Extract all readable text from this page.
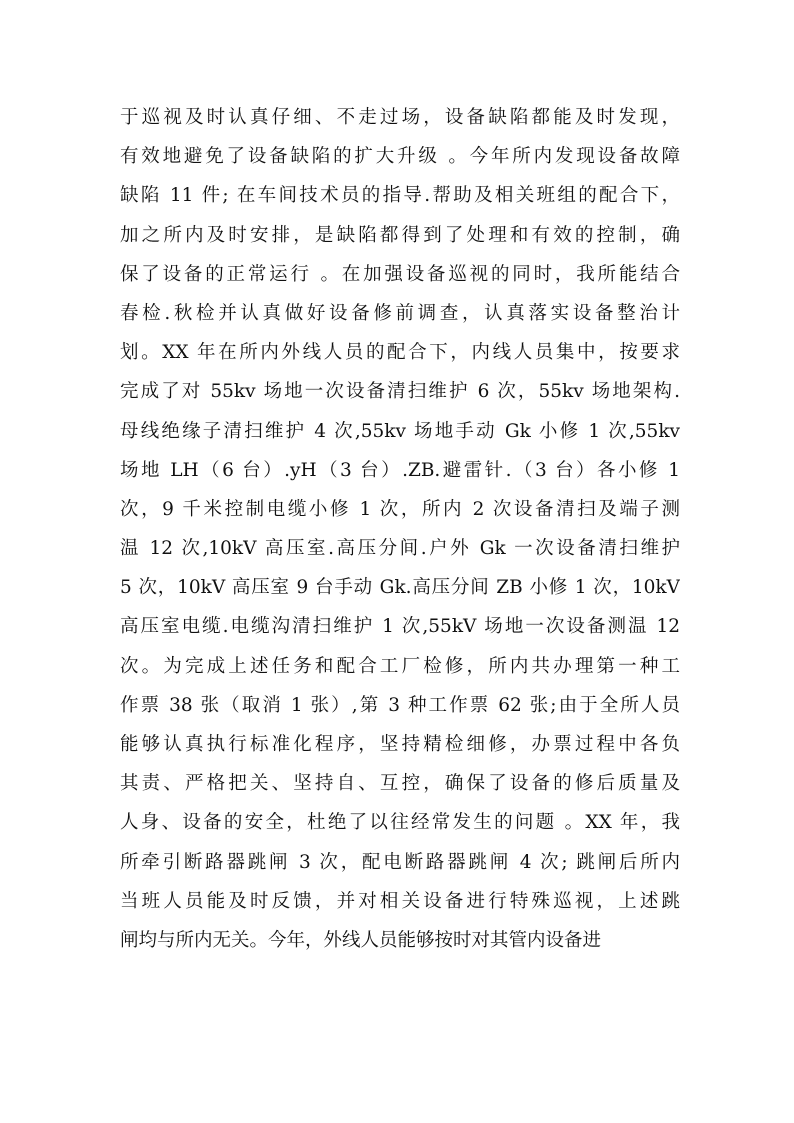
于巡视及时认真仔细、不走过场，设备缺陷都能及时发现，
有效地避免了设备缺陷的扩大升级 。今年所内发现设备故障
缺陷 11 件; 在车间技术员的指导.帮助及相关班组的配合下，
加之所内及时安排，是缺陷都得到了处理和有效的控制，确
保了设备的正常运行 。在加强设备巡视的同时，我所能结合
春检.秋检并认真做好设备修前调查，认真落实设备整治计
划。XX 年在所内外线人员的配合下，内线人员集中，按要求
完成了对 55kv 场地一次设备清扫维护 6 次，55kv 场地架构.
母线绝缘子清扫维护 4 次,55kv 场地手动 Gk 小修 1 次,55kv
场地 LH（6 台）.yH（3 台）.ZB.避雷针.（3 台）各小修 1
次，9 千米控制电缆小修 1 次，所内 2 次设备清扫及端子测
温 12 次,10kV 高压室.高压分间.户外 Gk 一次设备清扫维护
5 次，10kV 高压室 9 台手动 Gk.高压分间 ZB 小修 1 次，10kV
高压室电缆.电缆沟清扫维护 1 次,55kV 场地一次设备测温 12
次。为完成上述任务和配合工厂检修，所内共办理第一种工
作票 38 张（取消 1 张）,第 3 种工作票 62 张;由于全所人员
能够认真执行标准化程序，坚持精检细修，办票过程中各负
其责、严格把关、坚持自、互控，确保了设备的修后质量及
人身、设备的安全，杜绝了以往经常发生的问题 。XX 年，我
所牵引断路器跳闸 3 次，配电断路器跳闸 4 次; 跳闸后所内
当班人员能及时反馈，并对相关设备进行特殊巡视，上述跳
闸均与所内无关。今年，外线人员能够按时对其管内设备进
